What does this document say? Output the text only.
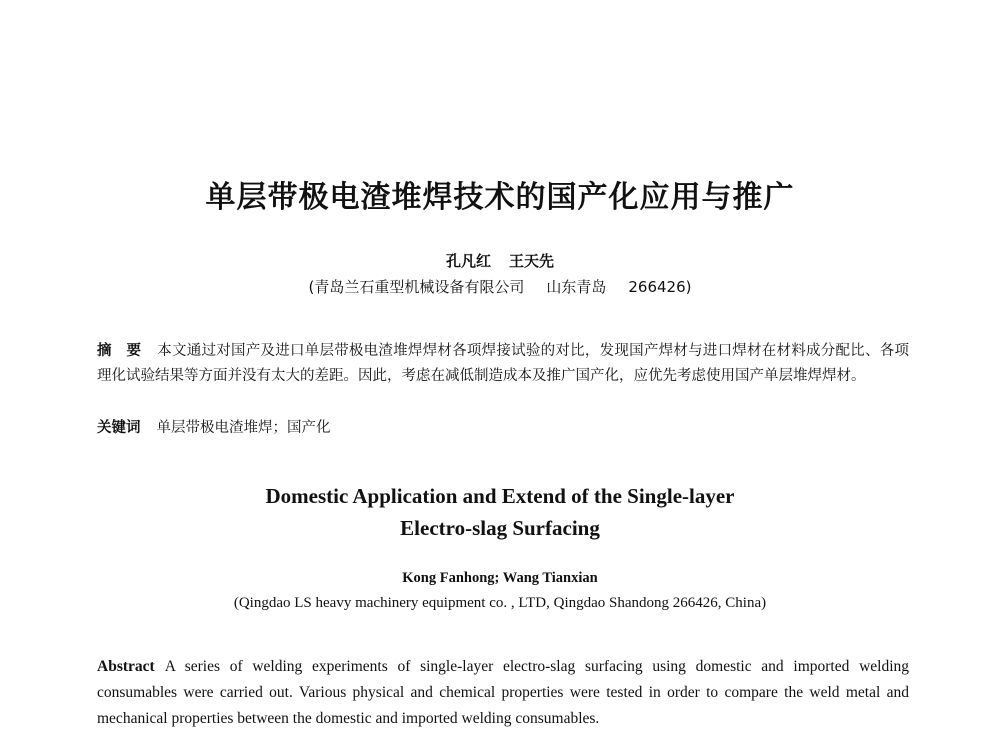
单层带极电渣堆焊技术的国产化应用与推广
孔凡红 王天先
(青岛兰石重型机械设备有限公司 山东青岛 266426)
摘　要 本文通过对国产及进口单层带极电渣堆焊焊材各项焊接试验的对比，发现国产焊材与进口焊材在材料成分配比、各项理化试验结果等方面并没有太大的差距。因此，考虑在减低制造成本及推广国产化，应优先考虑使用国产单层堆焊焊材。
关键词 单层带极电渣堆焊；国产化
Domestic Application and Extend of the Single-layer
Electro-slag Surfacing
Kong Fanhong; Wang Tianxian
(Qingdao LS heavy machinery equipment co. , LTD, Qingdao Shandong 266426, China)
Abstract A series of welding experiments of single-layer electro-slag surfacing using domestic and imported welding consumables were carried out. Various physical and chemical properties were tested in order to compare the weld metal and mechanical properties between the domestic and imported welding consumables.
